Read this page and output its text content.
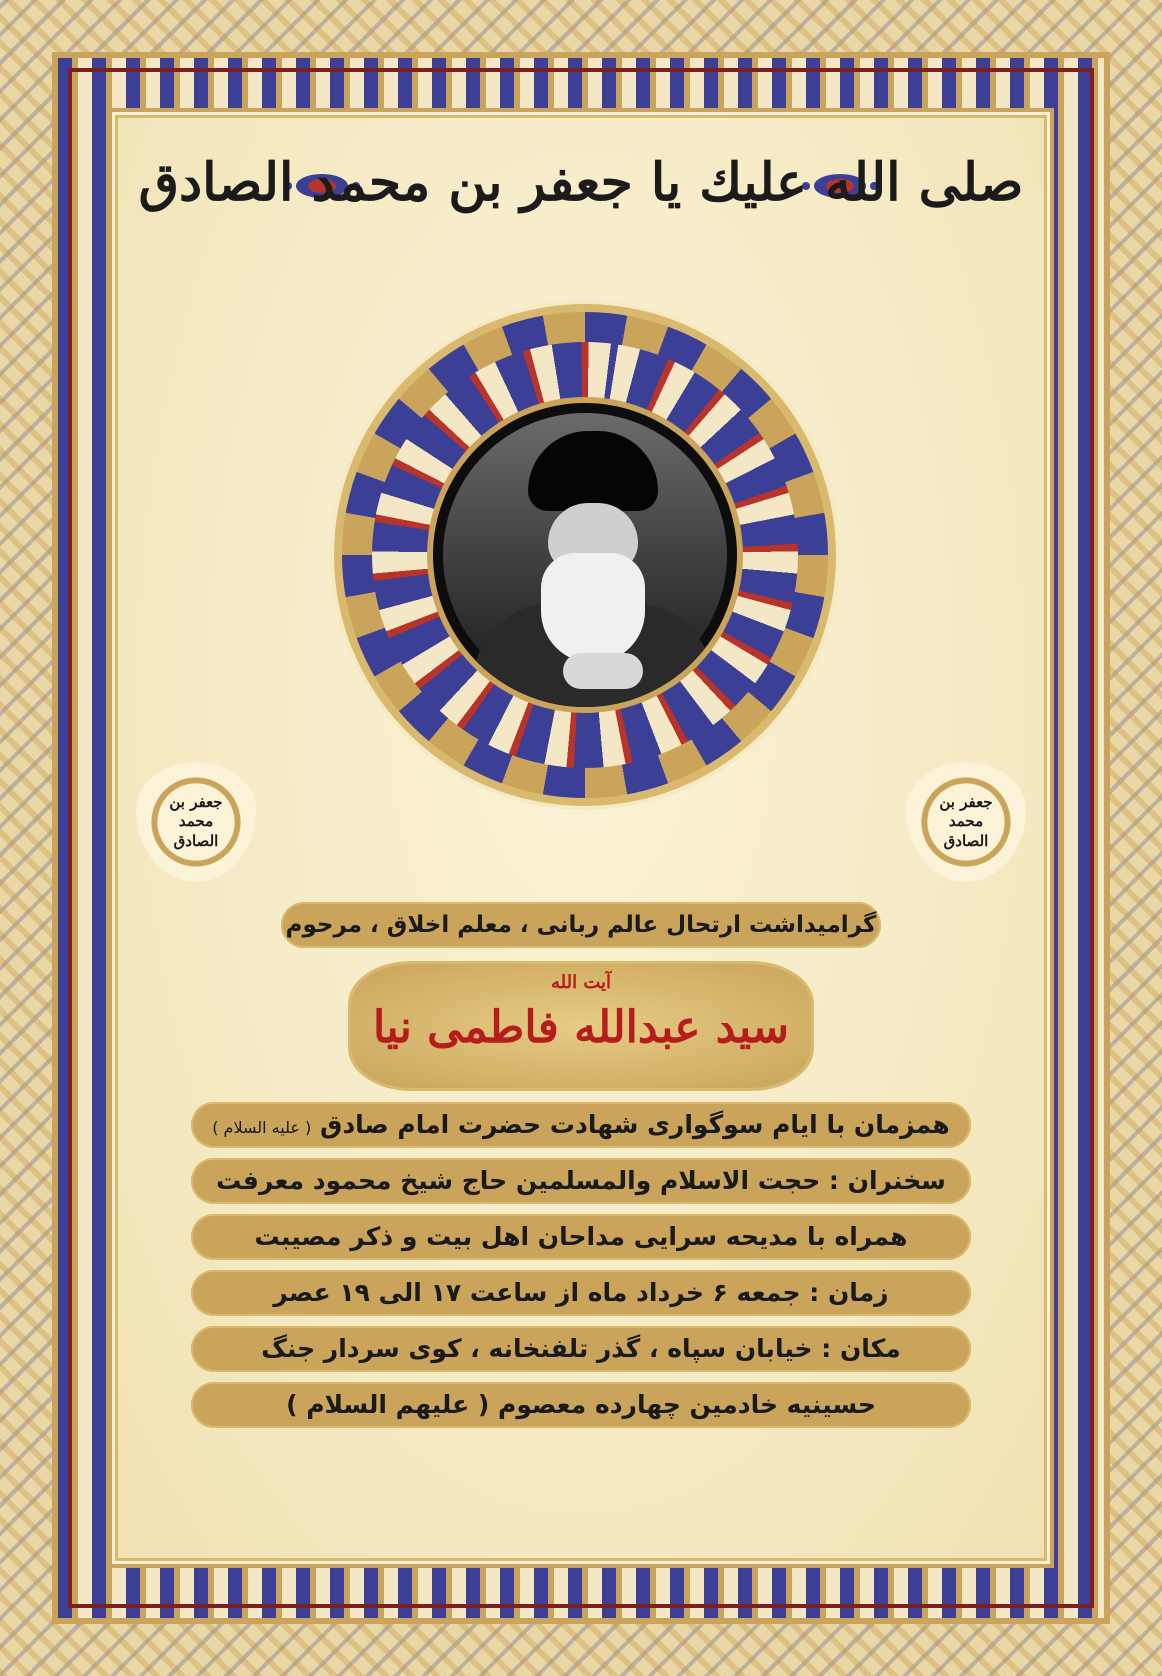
صلى الله عليك يا جعفر بن محمد الصادق
جعفر بن محمد الصادق
جعفر بن محمد الصادق
گرامیداشت ارتحال عالم ربانی ، معلم اخلاق ، مرحوم
آیت الله
سید عبدالله فاطمی نیا
همزمان با ایام سوگواری شهادت حضرت امام صادق ( علیه السلام )
سخنران : حجت الاسلام والمسلمین حاج شیخ محمود معرفت
همراه با مدیحه سرایی مداحان اهل بیت و ذکر مصیبت
زمان : جمعه ۶ خرداد ماه از ساعت ۱۷ الی ۱۹ عصر
مکان : خیابان سپاه ، گذر تلفنخانه ، کوی سردار جنگ
حسینیه خادمین چهارده معصوم ( علیهم السلام )
